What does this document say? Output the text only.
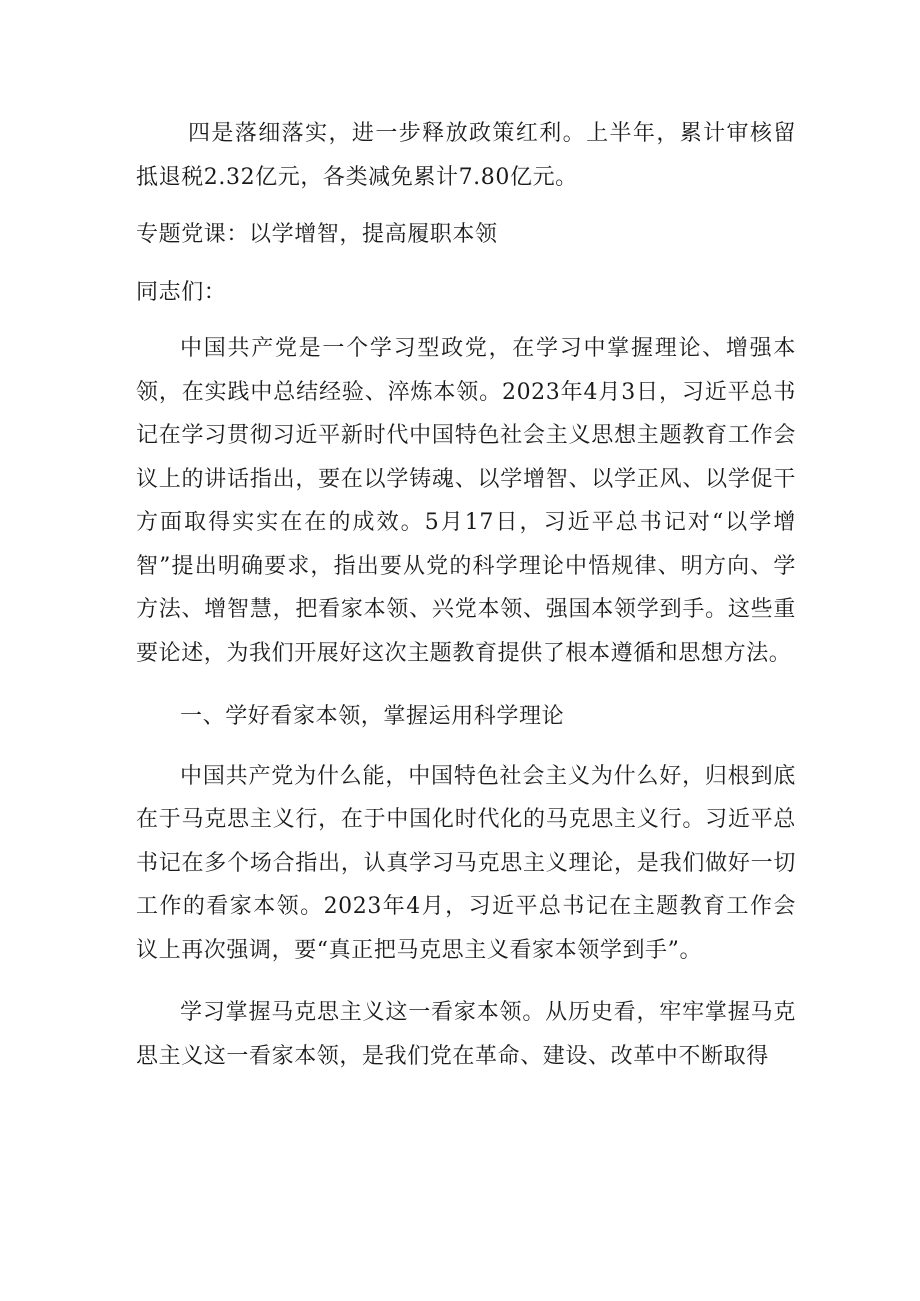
四是落细落实，进一步释放政策红利。上半年，累计审核留抵退税2.32亿元，各类减免累计7.80亿元。

专题党课：以学增智，提高履职本领

同志们：

中国共产党是一个学习型政党，在学习中掌握理论、增强本领，在实践中总结经验、淬炼本领。2023年4月3日，习近平总书记在学习贯彻习近平新时代中国特色社会主义思想主题教育工作会议上的讲话指出，要在以学铸魂、以学增智、以学正风、以学促干方面取得实实在在的成效。5月17日，习近平总书记对“以学增智”提出明确要求，指出要从党的科学理论中悟规律、明方向、学方法、增智慧，把看家本领、兴党本领、强国本领学到手。这些重要论述，为我们开展好这次主题教育提供了根本遵循和思想方法。

一、学好看家本领，掌握运用科学理论

中国共产党为什么能，中国特色社会主义为什么好，归根到底在于马克思主义行，在于中国化时代化的马克思主义行。习近平总书记在多个场合指出，认真学习马克思主义理论，是我们做好一切工作的看家本领。2023年4月，习近平总书记在主题教育工作会议上再次强调，要“真正把马克思主义看家本领学到手”。

学习掌握马克思主义这一看家本领。从历史看，牢牢掌握马克思主义这一看家本领，是我们党在革命、建设、改革中不断取得
